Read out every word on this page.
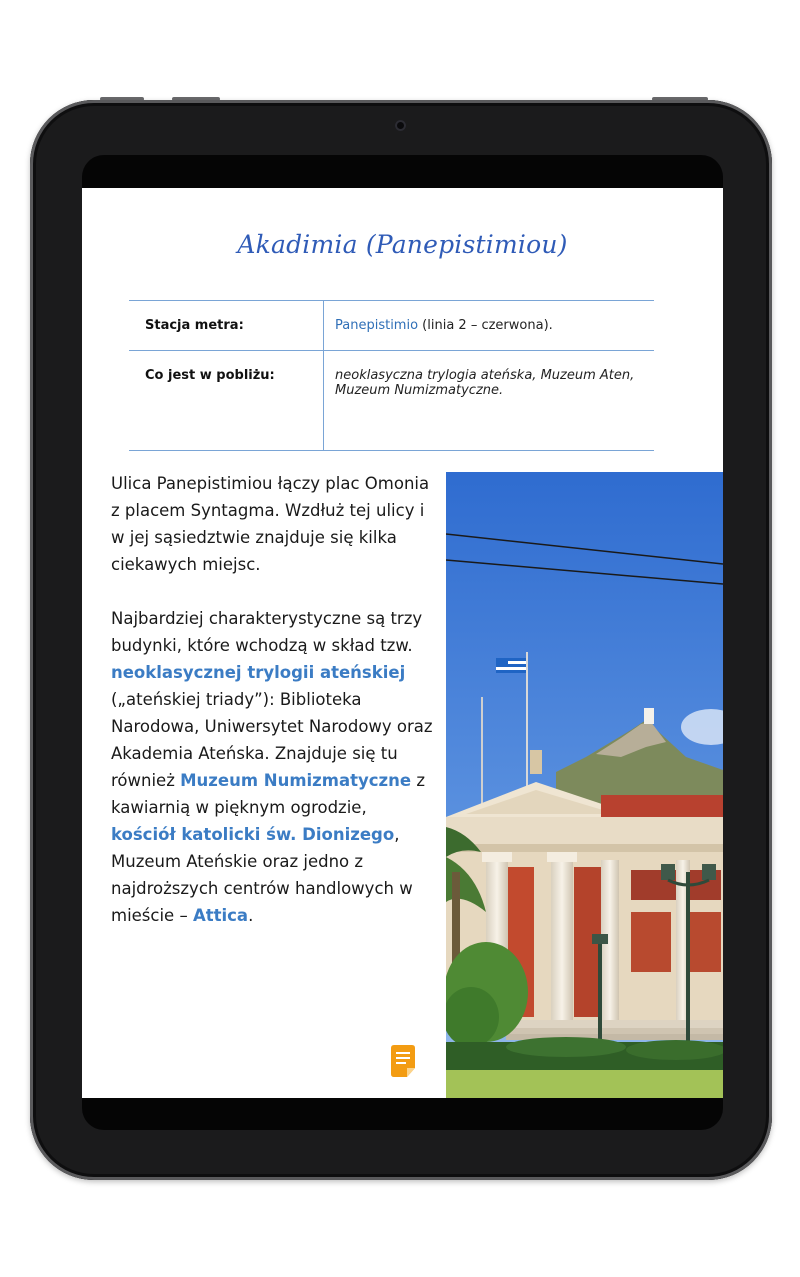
Akadimia (Panepistimiou)
Stacja metra:	Panepistimio (linia 2 – czerwona).
Co jest w pobliżu:	neoklasyczna trylogia ateńska, Muzeum Aten, Muzeum Numizmatyczne.

Ulica Panepistimiou łączy plac Omonia z placem Syntagma. Wzdłuż tej ulicy i w jej sąsiedztwie znajduje się kilka ciekawych miejsc.

Najbardziej charakterystyczne są trzy budynki, które wchodzą w skład tzw. neoklasycznej trylogii ateńskiej („ateńskiej triady”): Biblioteka Narodowa, Uniwersytet Narodowy oraz Akademia Ateńska. Znajduje się tu również Muzeum Numizmatyczne z kawiarnią w pięknym ogrodzie, kościół katolicki św. Dionizego, Muzeum Ateńskie oraz jedno z najdroższych centrów handlowych w mieście – Attica.
